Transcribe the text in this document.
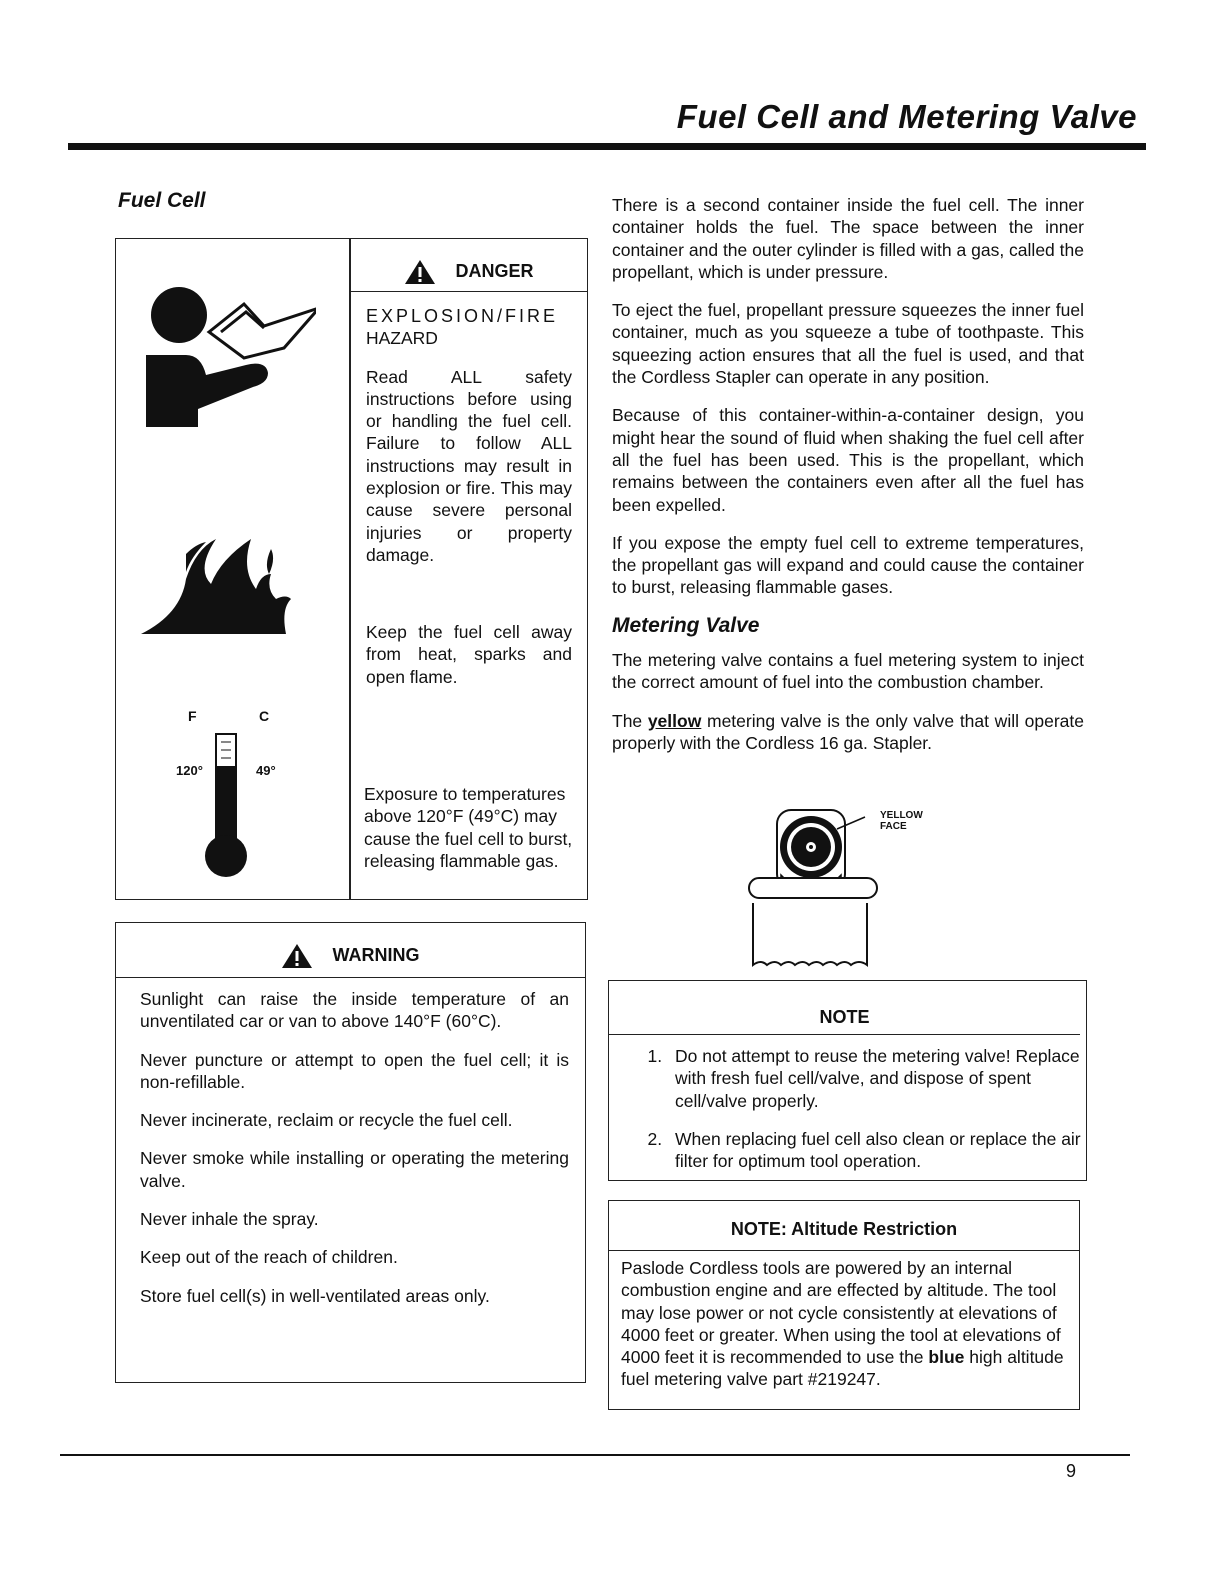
Fuel Cell and Metering Valve
Fuel Cell
F	C
120°	49°
DANGER
EXPLOSION/FIRE
HAZARD

Read ALL safety instructions before using or handling the fuel cell. Failure to follow ALL instructions may result in explosion or fire. This may cause severe personal injuries or property damage.

Keep the fuel cell away from heat, sparks and open flame.
Exposure to temperatures above 120°F (49°C) may cause the fuel cell to burst, releasing flammable gas.
WARNING

Sunlight can raise the inside temperature of an unventilated car or van to above 140°F (60°C).

Never puncture or attempt to open the fuel cell; it is non-refillable.

Never incinerate, reclaim or recycle the fuel cell.

Never smoke while installing or operating the metering valve.

Never inhale the spray.

Keep out of the reach of children.

Store fuel cell(s) in well-ventilated areas only.

There is a second container inside the fuel cell. The inner container holds the fuel. The space between the inner container and the outer cylinder is filled with a gas, called the propellant, which is under pressure.

To eject the fuel, propellant pressure squeezes the inner fuel container, much as you squeeze a tube of toothpaste. This squeezing action ensures that all the fuel is used, and that the Cordless Stapler can operate in any position.

Because of this container-within-a-container design, you might hear the sound of fluid when shaking the fuel cell after all the fuel has been used. This is the propellant, which remains between the containers even after all the fuel has been expelled.

If you expose the empty fuel cell to extreme temperatures, the propellant gas will expand and could cause the container to burst, releasing flammable gases.

Metering Valve

The metering valve contains a fuel metering system to inject the correct amount of fuel into the combustion chamber.

The yellow metering valve is the only valve that will operate properly with the Cordless 16 ga. Stapler.

YELLOW
FACE
NOTE
1. Do not attempt to reuse the metering valve! Replace with fresh fuel cell/valve, and dispose of spent cell/valve properly.
2. When replacing fuel cell also clean or replace the air filter for optimum tool operation.
NOTE: Altitude Restriction
Paslode Cordless tools are powered by an internal combustion engine and are effected by altitude. The tool may lose power or not cycle consistently at elevations of 4000 feet or greater. When using the tool at elevations of 4000 feet it is recommended to use the blue high altitude fuel metering valve part #219247.
9
